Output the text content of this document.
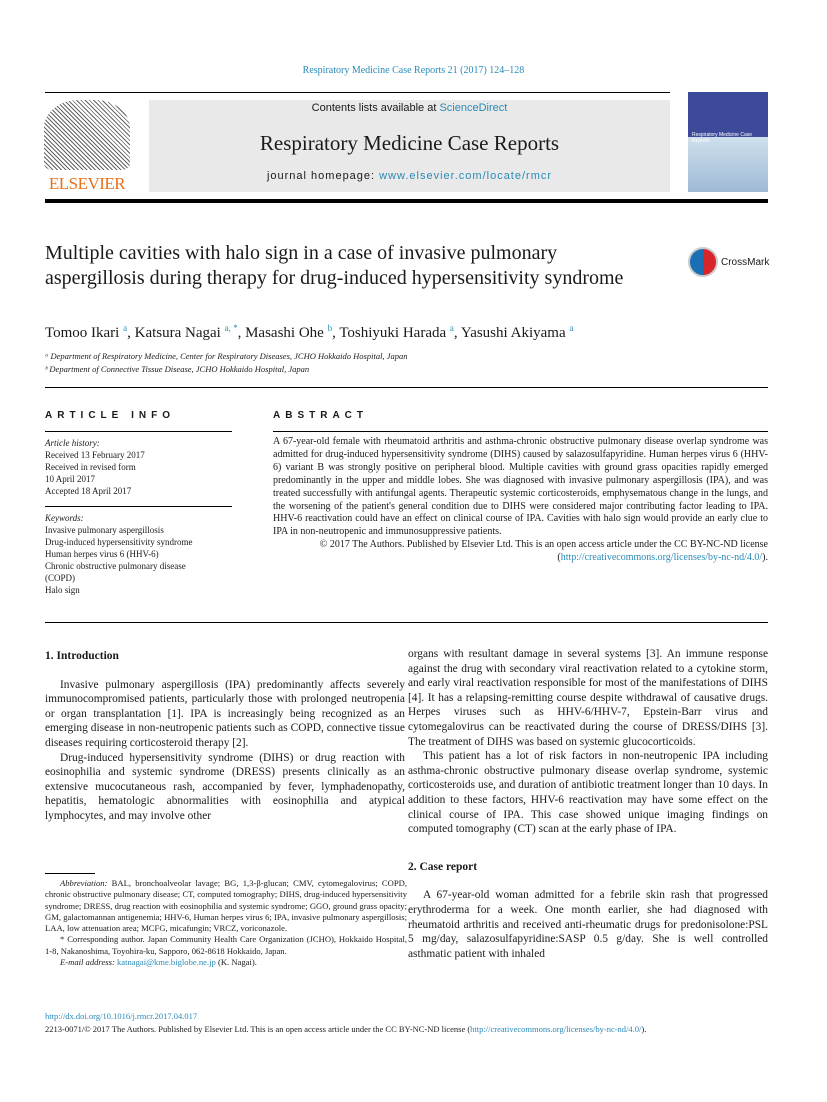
Respiratory Medicine Case Reports 21 (2017) 124–128
ELSEVIER
Contents lists available at ScienceDirect
Respiratory Medicine Case Reports
journal homepage: www.elsevier.com/locate/rmcr
Respiratory Medicine Case Reports
Multiple cavities with halo sign in a case of invasive pulmonary aspergillosis during therapy for drug-induced hypersensitivity syndrome
CrossMark
Tomoo Ikari $^a$, Katsura Nagai $^{a, *}$, Masashi Ohe $^b$, Toshiyuki Harada $^a$, Yasushi Akiyama $^a$
ᵃ Department of Respiratory Medicine, Center for Respiratory Diseases, JCHO Hokkaido Hospital, Japan
ᵇ Department of Connective Tissue Disease, JCHO Hokkaido Hospital, Japan
ARTICLE INFO
Article history:
Received 13 February 2017
Received in revised form
10 April 2017
Accepted 18 April 2017
Keywords:
Invasive pulmonary aspergillosis
Drug-induced hypersensitivity syndrome
Human herpes virus 6 (HHV-6)
Chronic obstructive pulmonary disease
(COPD)
Halo sign
ABSTRACT
A 67-year-old female with rheumatoid arthritis and asthma-chronic obstructive pulmonary disease overlap syndrome was admitted for drug-induced hypersensitivity syndrome (DIHS) caused by salazosulfapyridine. Human herpes virus 6 (HHV-6) variant B was strongly positive on peripheral blood. Multiple cavities with ground grass opacities rapidly emerged predominantly in the upper and middle lobes. She was diagnosed with invasive pulmonary aspergillosis (IPA), and was treated successfully with antifungal agents. Therapeutic systemic corticosteroids, emphysematous change in the lungs, and the worsening of the patient's general condition due to DIHS were considered major contributing factor leading to IPA. HHV-6 reactivation could have an effect on clinical course of IPA. Cavities with halo sign would provide an early clue to IPA in non-neutropenic and immunosuppressive patients.
© 2017 The Authors. Published by Elsevier Ltd. This is an open access article under the CC BY-NC-ND license (http://creativecommons.org/licenses/by-nc-nd/4.0/).
1. Introduction

Invasive pulmonary aspergillosis (IPA) predominantly affects severely immunocompromised patients, particularly those with prolonged neutropenia or organ transplantation [1]. IPA is increasingly being recognized as an emerging disease in non-neutropenic patients such as COPD, connective tissue diseases requiring corticosteroid therapy [2].

Drug-induced hypersensitivity syndrome (DIHS) or drug reaction with eosinophilia and systemic syndrome (DRESS) presents clinically as an extensive mucocutaneous rash, accompanied by fever, lymphadenopathy, hepatitis, hematologic abnormalities with eosinophilia and atypical lymphocytes, and may involve other

organs with resultant damage in several systems [3]. An immune response against the drug with secondary viral reactivation related to a cytokine storm, and early viral reactivation responsible for most of the manifestations of DIHS [4]. It has a relapsing-remitting course despite withdrawal of causative drugs. Herpes viruses such as HHV-6/HHV-7, Epstein-Barr virus and cytomegalovirus can be reactivated during the course of DRESS/DIHS [3]. The treatment of DIHS was based on systemic glucocorticoids.

This patient has a lot of risk factors in non-neutropenic IPA including asthma-chronic obstructive pulmonary disease overlap syndrome, systemic corticosteroids use, and duration of antibiotic treatment longer than 10 days. In addition to these factors, HHV-6 reactivation may have some effect on the clinical course of IPA. This case showed unique imaging findings on computed tomography (CT) scan at the early phase of IPA.

2. Case report

A 67-year-old woman admitted for a febrile skin rash that progressed erythroderma for a week. One month earlier, she had diagnosed with rheumatoid arthritis and received anti-rheumatic drugs for predonisolone:PSL 5 mg/day, salazosulfapyridine:SASP 0.5 g/day. She is well controlled asthmatic patient with inhaled

Abbreviation: BAL, bronchoalveolar lavage; BG, 1,3-β-glucan; CMV, cytomegalovirus; COPD, chronic obstructive pulmonary disease; CT, computed tomography; DIHS, drug-induced hypersensitivity syndrome; DRESS, drug reaction with eosinophilia and systemic syndrome; GGO, ground grass opacity; GM, galactomannan antigenemia; HHV-6, Human herpes virus 6; IPA, invasive pulmonary aspergillosis; LAA, low attenuation area; MCFG, micafungin; VRCZ, voriconazole.

* Corresponding author. Japan Community Health Care Organization (JCHO), Hokkaido Hospital, 1-8, Nakanoshima, Toyohira-ku, Sapporo, 062-8618 Hokkaido, Japan.

E-mail address: katnagai@kme.biglobe.ne.jp (K. Nagai).

http://dx.doi.org/10.1016/j.rmcr.2017.04.017
2213-0071/© 2017 The Authors. Published by Elsevier Ltd. This is an open access article under the CC BY-NC-ND license (http://creativecommons.org/licenses/by-nc-nd/4.0/).
